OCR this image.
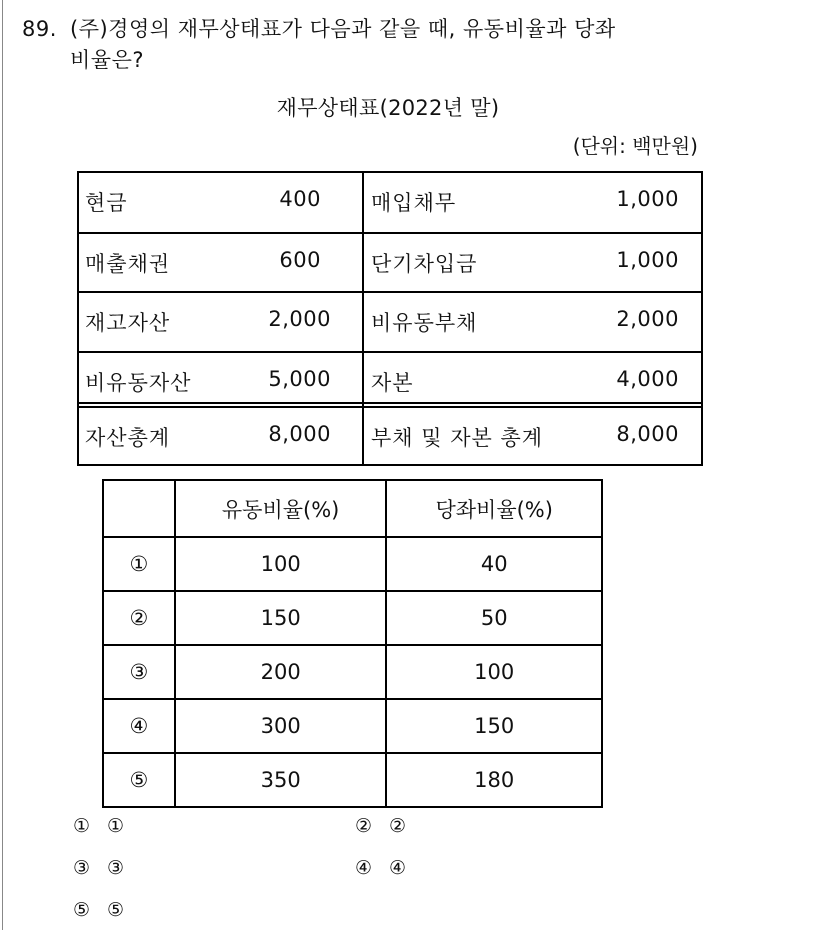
89. (주)경영의 재무상태표가 다음과 같을 때, 유동비율과 당좌
비율은?
재무상태표(2022년 말)
(단위: 백만원)
현금	400 매입채무	1,000
매출채권	600 단기차입금	1,000
재고자산	2,000 비유동부채	2,000
비유동자산	5,000 자본	4,000
자산총계	8,000 부채 및 자본 총계	8,000
	유동비율(%)	당좌비율(%)
①	100	40
②	150	50
③	200	100
④	300	150
⑤	350	180
① ①	② ②
③ ③	④ ④
⑤ ⑤
